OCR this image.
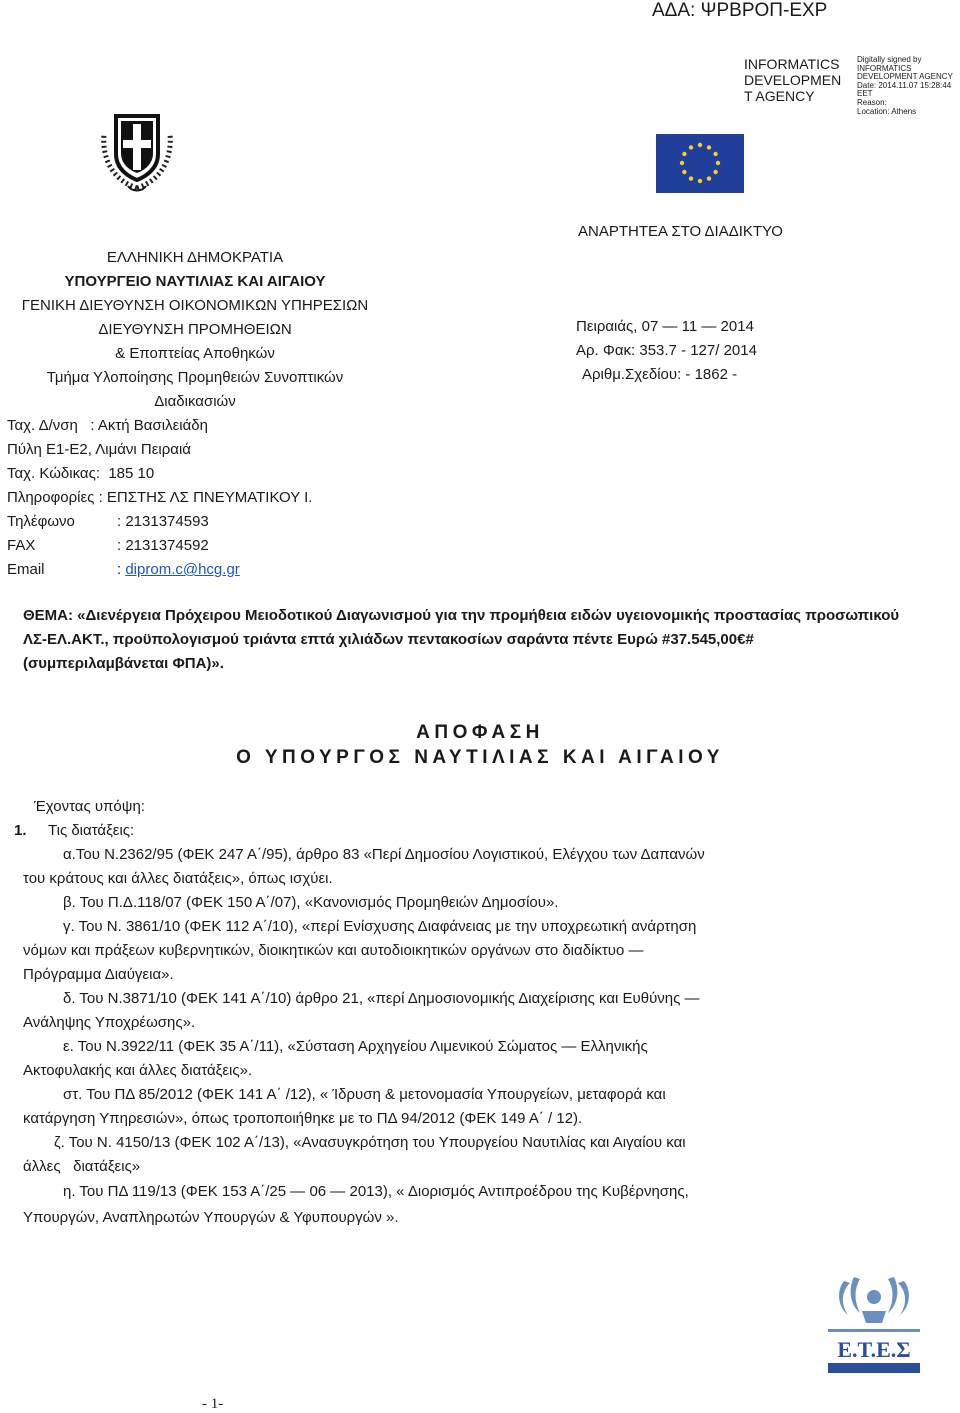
ΑΔΑ: ΨΡΒΡΟΠ-ΕΧΡ
INFORMATICS
DEVELOPMEN
T AGENCY
Digitally signed by
INFORMATICS
DEVELOPMENT AGENCY
Date: 2014.11.07 15:28:44
EET
Reason:
Location: Athens
ΑΝΑΡΤΗΤΕΑ ΣΤΟ ΔΙΑΔΙΚΤΥΟ
ΕΛΛΗΝΙΚΗ ΔΗΜΟΚΡΑΤΙΑ
ΥΠΟΥΡΓΕΙΟ ΝΑΥΤΙΛΙΑΣ ΚΑΙ ΑΙΓΑΙΟΥ
ΓΕΝΙΚΗ ΔΙΕΥΘΥΝΣΗ ΟΙΚΟΝΟΜΙΚΩΝ ΥΠΗΡΕΣΙΩΝ
ΔΙΕΥΘΥΝΣΗ ΠΡΟΜΗΘΕΙΩΝ
& Εποπτείας Αποθηκών
Τμήμα Υλοποίησης Προμηθειών Συνοπτικών
Διαδικασιών
Ταχ. Δ/νση   : Ακτή Βασιλειάδη
Πύλη Ε1-Ε2, Λιμάνι Πειραιά
Ταχ. Κώδικας:  185 10
Πληροφορίες : ΕΠΣΤΗΣ ΛΣ ΠΝΕΥΜΑΤΙΚΟΥ Ι.
Τηλέφωνο	: 2131374593
FAX	: 2131374592
Email	: diprom.c@hcg.gr
Πειραιάς, 07 — 11 — 2014
Αρ. Φακ: 353.7 - 127/ 2014
Αριθμ.Σχεδίου: - 1862 -
ΘΕΜΑ: «Διενέργεια Πρόχειρου Μειοδοτικού Διαγωνισμού για την προμήθεια ειδών υγειονομικής προστασίας προσωπικού ΛΣ-ΕΛ.ΑΚΤ., προϋπολογισμού τριάντα επτά χιλιάδων πεντακοσίων σαράντα πέντε Ευρώ #37.545,00€# (συμπεριλαμβάνεται ΦΠΑ)».
ΑΠΟΦΑΣΗ
Ο ΥΠΟΥΡΓΟΣ ΝΑΥΤΙΛΙΑΣ ΚΑΙ ΑΙΓΑΙΟΥ
Έχοντας υπόψη:
1. Τις διατάξεις:
α.Του Ν.2362/95 (ΦΕΚ 247 Α΄/95), άρθρο 83 «Περί Δημοσίου Λογιστικού, Ελέγχου των Δαπανών
του κράτους και άλλες διατάξεις», όπως ισχύει.
β. Του Π.Δ.118/07 (ΦΕΚ 150 Α΄/07), «Κανονισμός Προμηθειών Δημοσίου».
γ. Του Ν. 3861/10 (ΦΕΚ 112 Α΄/10), «περί Ενίσχυσης Διαφάνειας με την υποχρεωτική ανάρτηση
νόμων και πράξεων κυβερνητικών, διοικητικών και αυτοδιοικητικών οργάνων στο διαδίκτυο —
Πρόγραμμα Διαύγεια».
δ. Του Ν.3871/10 (ΦΕΚ 141 Α΄/10) άρθρο 21, «περί Δημοσιονομικής Διαχείρισης και Ευθύνης —
Ανάληψης Υποχρέωσης».
ε. Του Ν.3922/11 (ΦΕΚ 35 Α΄/11), «Σύσταση Αρχηγείου Λιμενικού Σώματος — Ελληνικής
Ακτοφυλακής και άλλες διατάξεις».
στ. Του ΠΔ 85/2012 (ΦΕΚ 141 Α΄ /12), « Ίδρυση & μετονομασία Υπουργείων, μεταφορά και
κατάργηση Υπηρεσιών», όπως τροποποιήθηκε με το ΠΔ 94/2012 (ΦΕΚ 149 Α΄ / 12).
ζ. Του Ν. 4150/13 (ΦΕΚ 102 Α΄/13), «Ανασυγκρότηση του Υπουργείου Ναυτιλίας και Αιγαίου και
άλλες   διατάξεις»
η. Του ΠΔ 119/13 (ΦΕΚ 153 Α΄/25 — 06 — 2013), « Διορισμός Αντιπροέδρου της Κυβέρνησης,
Υπουργών, Αναπληρωτών Υπουργών & Υφυπουργών ».
Ε.Τ.Ε.Σ
- 1-
